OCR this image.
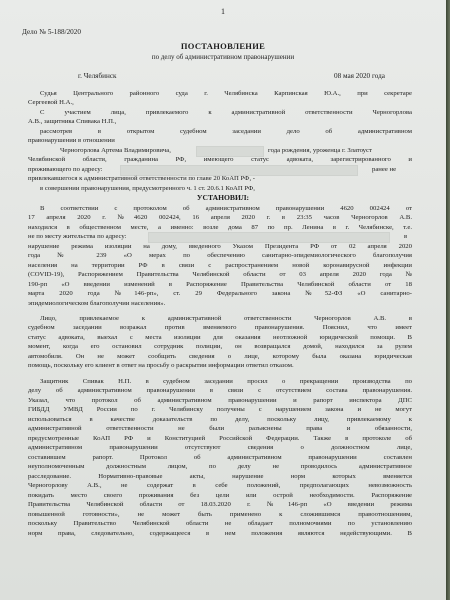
1
Дело № 5-188/2020
ПОСТАНОВЛЕНИЕ
по делу об административном правонарушении
г. Челябинск	08 мая 2020 года
Судья Центрального районного суда г. Челябинска Карпинская Ю.А., при секретаре
Сергеевой Н.А.,
С участием лица, привлекаемого к административной ответственности Черногорлова
А.В., защитника Спивака Н.П.,
рассмотрев в открытом судебном заседании дело об административном
правонарушении в отношении
Черногорлова Артема Владимировича,	года рождения, уроженца г. Златоуст
Челябинской области, гражданина РФ, имеющего статус адвоката, зарегистрированного и
проживающего по адресу:	ранее не
привлекавшегося к административной ответственности по главе 20 КоАП РФ, -
в совершении правонарушения, предусмотренного ч. 1 ст. 20.6.1 КоАП РФ,
УСТАНОВИЛ:
В соответствии с протоколом об административном правонарушении 4620 002424 от
17 апреля 2020 г. №4620 002424, 16 апреля 2020 г. в 23:35 часов Черногорлов А.В.
находился в общественном месте, а именно: возле дома 87 по пр. Ленина в г. Челябинске, т.е.
не по месту жительства по адресу:	в
нарушение режима изоляции на дому, введенного Указом Президента РФ от 02 апреля 2020
года № 239 «О мерах по обеспечению санитарно-эпидемиологического благополучия
населения на территории РФ в связи с распространением новой коронавирусной инфекции
(COVID-19), Распоряжением Правительства Челябинской области от 03 апреля 2020 года №
190-рп «О введении изменений в Распоряжение Правительства Челябинской области от 18
марта 2020 года №146-рп», ст. 29 Федерального закона №52-ФЗ «О санитарно-
эпидемиологическом благополучии населения».
Лицо, привлекаемое к административной ответственности Черногорлов А.В. в
судебном заседании возражал против вменяемого правонарушения. Пояснил, что имеет
статус адвоката, выехал с места изоляции для оказания неотложной юридической помощи. В
момент, когда его остановил сотрудник полиции, он возвращался домой, находился за рулем
автомобиля. Он не может сообщить сведения о лице, которому была оказана юридическая
помощь, поскольку его клиент в ответ на просьбу о раскрытии информации ответил отказом.
Защитник Спивак Н.П. в судебном заседании просил о прекращении производства по
делу об административном правонарушении в связи с отсутствием состава правонарушения.
Указал, что протокол об административном правонарушении и рапорт инспектора ДПС
ГИБДД УМВД России по г. Челябинску получены с нарушением закона и не могут
использоваться в качестве доказательств по делу, поскольку лицу, привлекаемому к
административной ответственности не были разъяснены права и обязанности,
предусмотренные КоАП РФ и Конституцией Российской Федерации. Также в протоколе об
административном правонарушении отсутствуют сведения о должностном лице,
составившем рапорт. Протокол об административном правонарушении составлен
неуполномоченным должностным лицом, по делу не проводилось административное
расследование. Нормативно-правовые акты, нарушение норм которых вменяется
Черногорлову А.В., не содержат в себе положений, предполагающих невозможность
покидать место своего проживания без цели или острой необходимости. Распоряжение
Правительства Челябинской области от 18.03.2020 г. №146-рп «О введении режима
повышенной готовности», не может быть применено к сложившимся правоотношениям,
поскольку Правительство Челябинской области не обладает полномочиями по установлению
норм права, следовательно, содержащееся в нем положения являются недействующими. В
